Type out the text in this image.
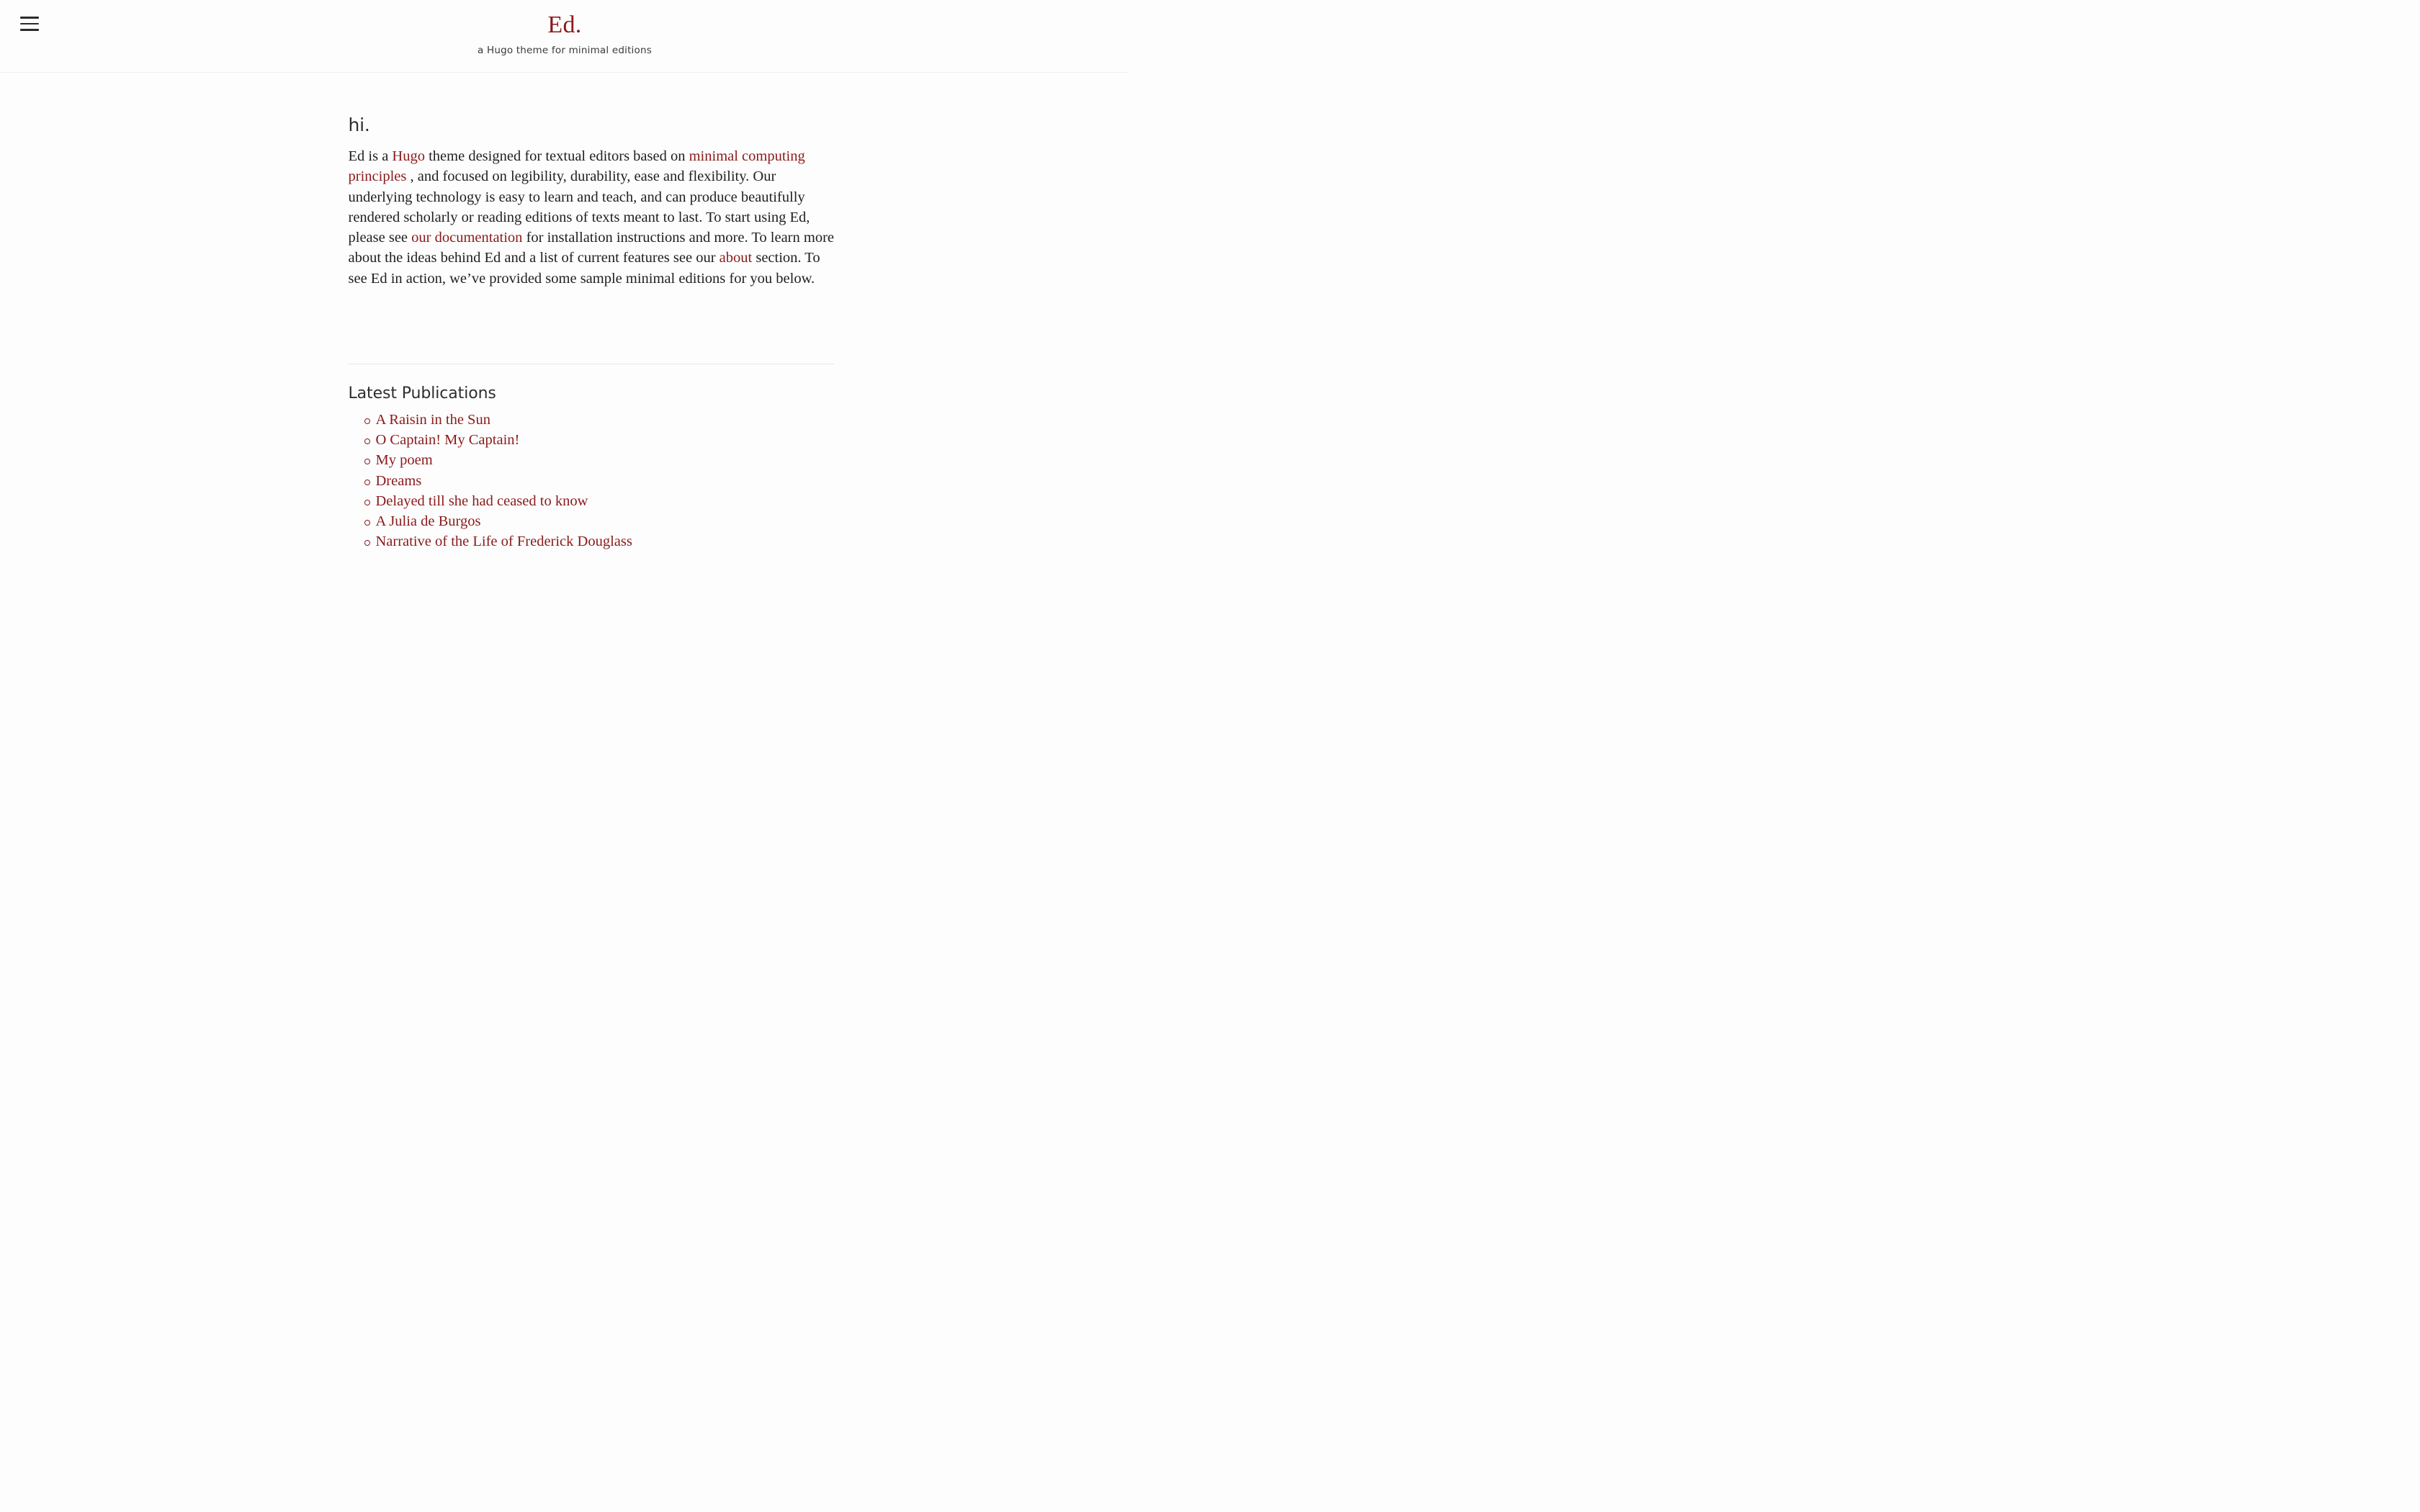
Ed.

a Hugo theme for minimal editions

hi.

Ed is a Hugo theme designed for textual editors based on minimal computing principles , and focused on legibility, durability, ease and flexibility. Our underlying technology is easy to learn and teach, and can produce beautifully rendered scholarly or reading editions of texts meant to last. To start using Ed, please see our documentation for installation instructions and more. To learn more about the ideas behind Ed and a list of current features see our about section. To see Ed in action, we’ve provided some sample minimal editions for you below.

Latest Publications
A Raisin in the Sun
O Captain! My Captain!
My poem
Dreams
Delayed till she had ceased to know
A Julia de Burgos
Narrative of the Life of Frederick Douglass
